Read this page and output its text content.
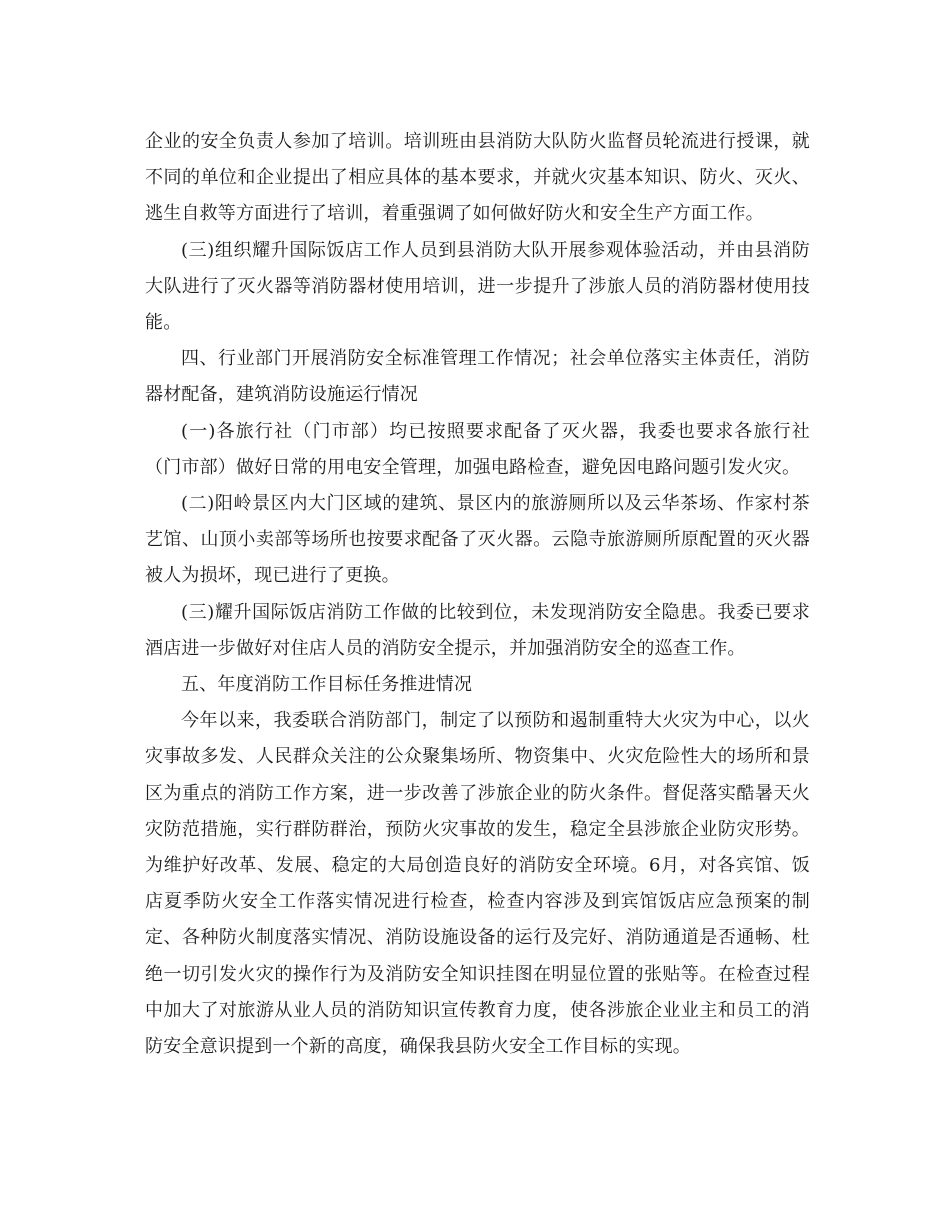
企业的安全负责人参加了培训。培训班由县消防大队防火监督员轮流进行授课，就不同的单位和企业提出了相应具体的基本要求，并就火灾基本知识、防火、灭火、逃生自救等方面进行了培训，着重强调了如何做好防火和安全生产方面工作。

(三)组织耀升国际饭店工作人员到县消防大队开展参观体验活动，并由县消防大队进行了灭火器等消防器材使用培训，进一步提升了涉旅人员的消防器材使用技能。

四、行业部门开展消防安全标准管理工作情况；社会单位落实主体责任，消防器材配备，建筑消防设施运行情况

(一)各旅行社（门市部）均已按照要求配备了灭火器，我委也要求各旅行社（门市部）做好日常的用电安全管理，加强电路检查，避免因电路问题引发火灾。

(二)阳岭景区内大门区域的建筑、景区内的旅游厕所以及云华茶场、作家村茶艺馆、山顶小卖部等场所也按要求配备了灭火器。云隐寺旅游厕所原配置的灭火器被人为损坏，现已进行了更换。

(三)耀升国际饭店消防工作做的比较到位，未发现消防安全隐患。我委已要求酒店进一步做好对住店人员的消防安全提示，并加强消防安全的巡查工作。

五、年度消防工作目标任务推进情况

今年以来，我委联合消防部门，制定了以预防和遏制重特大火灾为中心，以火灾事故多发、人民群众关注的公众聚集场所、物资集中、火灾危险性大的场所和景区为重点的消防工作方案，进一步改善了涉旅企业的防火条件。督促落实酷暑天火灾防范措施，实行群防群治，预防火灾事故的发生，稳定全县涉旅企业防灾形势。为维护好改革、发展、稳定的大局创造良好的消防安全环境。6月，对各宾馆、饭店夏季防火安全工作落实情况进行检查，检查内容涉及到宾馆饭店应急预案的制定、各种防火制度落实情况、消防设施设备的运行及完好、消防通道是否通畅、杜绝一切引发火灾的操作行为及消防安全知识挂图在明显位置的张贴等。在检查过程中加大了对旅游从业人员的消防知识宣传教育力度，使各涉旅企业业主和员工的消防安全意识提到一个新的高度，确保我县防火安全工作目标的实现。
